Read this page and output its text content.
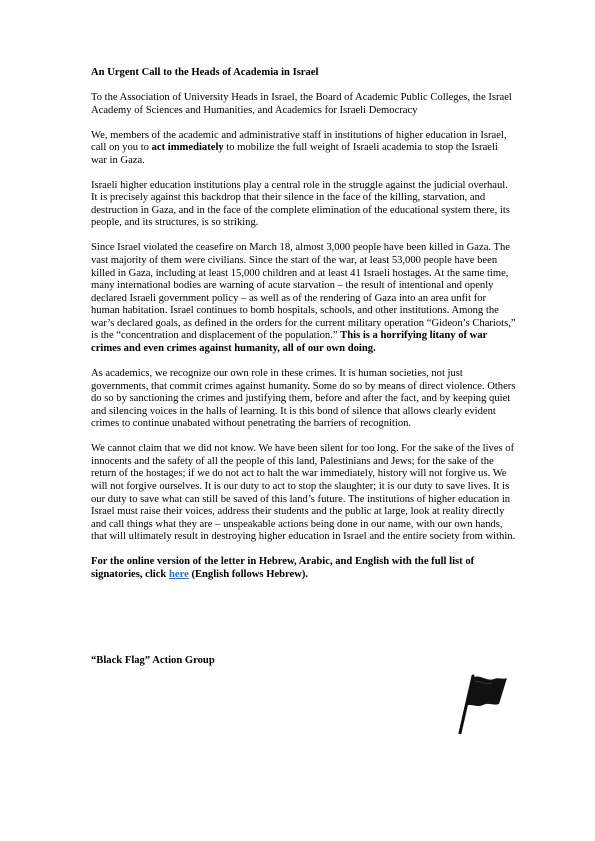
An Urgent Call to the Heads of Academia in Israel

To the Association of University Heads in Israel, the Board of Academic Public Colleges, the Israel Academy of Sciences and Humanities, and Academics for Israeli Democracy

We, members of the academic and administrative staff in institutions of higher education in Israel, call on you to act immediately to mobilize the full weight of Israeli academia to stop the Israeli war in Gaza.

Israeli higher education institutions play a central role in the struggle against the judicial overhaul. It is precisely against this backdrop that their silence in the face of the killing, starvation, and destruction in Gaza, and in the face of the complete elimination of the educational system there, its people, and its structures, is so striking.

Since Israel violated the ceasefire on March 18, almost 3,000 people have been killed in Gaza. The vast majority of them were civilians. Since the start of the war, at least 53,000 people have been killed in Gaza, including at least 15,000 children and at least 41 Israeli hostages. At the same time, many international bodies are warning of acute starvation – the result of intentional and openly declared Israeli government policy – as well as of the rendering of Gaza into an area unfit for human habitation. Israel continues to bomb hospitals, schools, and other institutions. Among the war’s declared goals, as defined in the orders for the current military operation “Gideon’s Chariots,” is the “concentration and displacement of the population.” This is a horrifying litany of war crimes and even crimes against humanity, all of our own doing.

As academics, we recognize our own role in these crimes. It is human societies, not just governments, that commit crimes against humanity. Some do so by means of direct violence. Others do so by sanctioning the crimes and justifying them, before and after the fact, and by keeping quiet and silencing voices in the halls of learning. It is this bond of silence that allows clearly evident crimes to continue unabated without penetrating the barriers of recognition.

We cannot claim that we did not know. We have been silent for too long. For the sake of the lives of innocents and the safety of all the people of this land, Palestinians and Jews; for the sake of the return of the hostages; if we do not act to halt the war immediately, history will not forgive us. We will not forgive ourselves. It is our duty to act to stop the slaughter; it is our duty to save lives. It is our duty to save what can still be saved of this land’s future. The institutions of higher education in Israel must raise their voices, address their students and the public at large, look at reality directly and call things what they are – unspeakable actions being done in our name, with our own hands, that will ultimately result in destroying higher education in Israel and the entire society from within.

For the online version of the letter in Hebrew, Arabic, and English with the full list of signatories, click here (English follows Hebrew).

“Black Flag” Action Group
